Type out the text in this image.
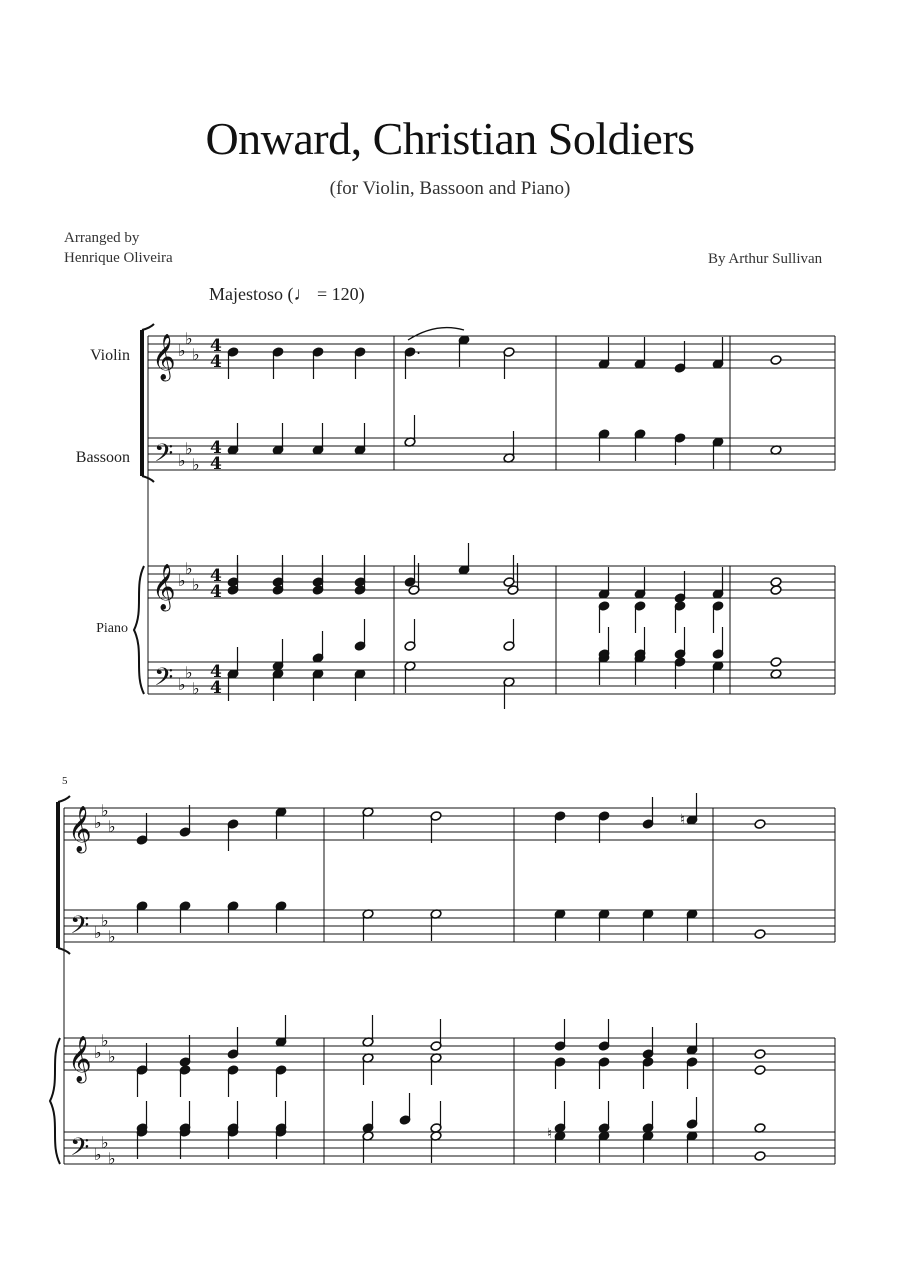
Onward, Christian Soldiers
(for Violin, Bassoon and Piano)
Arranged by
Henrique Oliveira	By Arthur Sullivan
Majestoso (♩ = 120)
𝄞
𝄢
𝄞
𝄢
♭
♭
♭
♭
♭
♭
♭
♭
♭
♭
♭
♭
4
4
4
4
4
4
4
4
𝄞
𝄢
𝄞
𝄢
♭
♭
♭
♭
♭
♭
♭
♭
♭
♭
♭
♭
.
♮
♮
Violin
Bassoon
Piano
5
